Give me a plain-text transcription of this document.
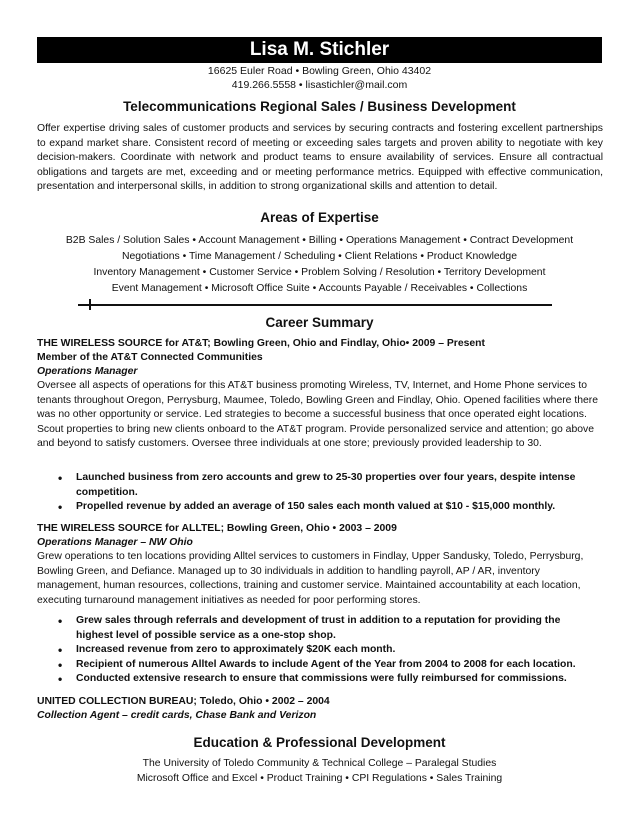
Lisa M. Stichler
16625 Euler Road • Bowling Green, Ohio 43402
419.266.5558 • lisastichler@mail.com
Telecommunications Regional Sales / Business Development

Offer expertise driving sales of customer products and services by securing contracts and fostering excellent partnerships to expand market share. Consistent record of meeting or exceeding sales targets and proven ability to negotiate with key decision-makers. Coordinate with network and product teams to ensure availability of services. Ensure all contractual obligations and targets are met, exceeding and or meeting performance metrics. Equipped with effective communication, presentation and interpersonal skills, in addition to strong organizational skills and attention to detail.

Areas of Expertise
B2B Sales / Solution Sales • Account Management • Billing • Operations Management • Contract Development
Negotiations • Time Management / Scheduling • Client Relations • Product Knowledge
Inventory Management • Customer Service • Problem Solving / Resolution • Territory Development
Event Management • Microsoft Office Suite • Accounts Payable / Receivables • Collections
Career Summary
THE WIRELESS SOURCE for AT&T; Bowling Green, Ohio and Findlay, Ohio• 2009 – Present
Member of the AT&T Connected Communities
Operations Manager

Oversee all aspects of operations for this AT&T business promoting Wireless, TV, Internet, and Home Phone services to tenants throughout Oregon, Perrysburg, Maumee, Toledo, Bowling Green and Findlay, Ohio. Opened facilities where there was no other opportunity or service. Led strategies to become a successful business that once operated eight locations. Scout properties to bring new clients onboard to the AT&T program. Provide personalized service and attention; go above and beyond to satisfy customers. Oversee three individuals at one store; previously provided leadership to 30.

• Launched business from zero accounts and grew to 25-30 properties over four years, despite intense competition.
• Propelled revenue by added an average of 150 sales each month valued at $10 - $15,000 monthly.
THE WIRELESS SOURCE for ALLTEL; Bowling Green, Ohio • 2003 – 2009
Operations Manager – NW Ohio

Grew operations to ten locations providing Alltel services to customers in Findlay, Upper Sandusky, Toledo, Perrysburg, Bowling Green, and Defiance. Managed up to 30 individuals in addition to handling payroll, AP / AR, inventory management, human resources, collections, training and customer service. Maintained accountability at each location, executing turnaround management initiatives as needed for poor performing stores.

• Grew sales through referrals and development of trust in addition to a reputation for providing the highest level of possible service as a one-stop shop.
• Increased revenue from zero to approximately $20K each month.
• Recipient of numerous Alltel Awards to include Agent of the Year from 2004 to 2008 for each location.
• Conducted extensive research to ensure that commissions were fully reimbursed for commissions.
UNITED COLLECTION BUREAU; Toledo, Ohio • 2002 – 2004
Collection Agent – credit cards, Chase Bank and Verizon
Education & Professional Development
The University of Toledo Community & Technical College – Paralegal Studies
Microsoft Office and Excel • Product Training • CPI Regulations • Sales Training
